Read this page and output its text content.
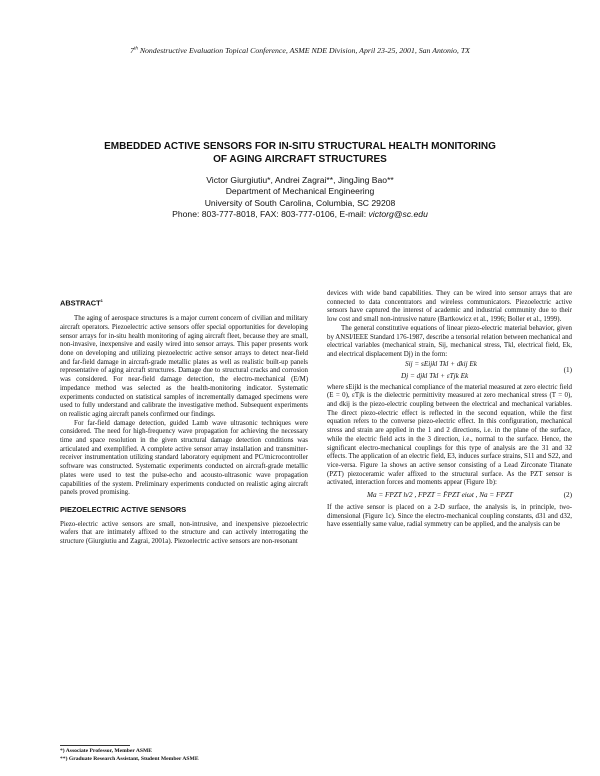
7th Nondestructive Evaluation Topical Conference, ASME NDE Division, April 23-25, 2001, San Antonio, TX
EMBEDDED ACTIVE SENSORS FOR IN-SITU STRUCTURAL HEALTH MONITORING
OF AGING AIRCRAFT STRUCTURES
Victor Giurgiutiu*, Andrei Zagrai**, JingJing Bao**
Department of Mechanical Engineering
University of South Carolina, Columbia, SC 29208
Phone: 803-777-8018, FAX: 803-777-0106, E-mail: victorg@sc.edu
ABSTRACT$^1$

The aging of aerospace structures is a major current concern of civilian and military aircraft operators. Piezoelectric active sensors offer special opportunities for developing sensor arrays for in-situ health monitoring of aging aircraft fleet, because they are small, non-invasive, inexpensive and easily wired into sensor arrays. This paper presents work done on developing and utilizing piezoelectric active sensor arrays to detect near-field and far-field damage in aircraft-grade metallic plates as well as realistic built-up panels representative of aging aircraft structures. Damage due to structural cracks and corrosion was considered. For near-field damage detection, the electro-mechanical (E/M) impedance method was selected as the health-monitoring indicator. Systematic experiments conducted on statistical samples of incrementally damaged specimens were used to fully understand and calibrate the investigative method. Subsequent experiments on realistic aging aircraft panels confirmed our findings.

For far-field damage detection, guided Lamb wave ultrasonic techniques were considered. The need for high-frequency wave propagation for achieving the necessary time and space resolution in the given structural damage detection conditions was articulated and exemplified. A complete active sensor array installation and transmitter-receiver instrumentation utilizing standard laboratory equipment and PC/microcontroller software was constructed. Systematic experiments conducted on aircraft-grade metallic plates were used to test the pulse-echo and acousto-ultrasonic wave propagation capabilities of the system. Preliminary experiments conducted on realistic aging aircraft panels proved promising.

PIEZOELECTRIC ACTIVE SENSORS

Piezo-electric active sensors are small, non-intrusive, and inexpensive piezoelectric wafers that are intimately affixed to the structure and can actively interrogating the structure (Giurgiutiu and Zagrai, 2001a). Piezoelectric active sensors are non-resonant

*) Associate Professor, Member ASME
**) Graduate Research Assistant, Student Member ASME

devices with wide band capabilities. They can be wired into sensor arrays that are connected to data concentrators and wireless communicators. Piezoelectric active sensors have captured the interest of academic and industrial community due to their low cost and small non-intrusive nature (Bartkowicz et al., 1996; Boller et al., 1999).

The general constitutive equations of linear piezo-electric material behavior, given by ANSI/IEEE Standard 176-1987, describe a tensorial relation between mechanical and electrical variables (mechanical strain, Sij, mechanical stress, Tkl, electrical field, Ek, and electrical displacement Dj) in the form:

Sij = sEijkl Tkl + dkij Ek
Dj = djkl Tkl + εTjk Ek
(1)

where sEijkl is the mechanical compliance of the material measured at zero electric field (E = 0), εTjk is the dielectric permittivity measured at zero mechanical stress (T = 0), and dkij is the piezo-electric coupling between the electrical and mechanical variables. The direct piezo-electric effect is reflected in the second equation, while the first equation refers to the converse piezo-electric effect. In this configuration, mechanical stress and strain are applied in the 1 and 2 directions, i.e. in the plane of the surface, while the electric field acts in the 3 direction, i.e., normal to the surface. Hence, the significant electro-mechanical couplings for this type of analysis are the 31 and 32 effects. The application of an electric field, E3, induces surface strains, S11 and S22, and vice-versa. Figure 1a shows an active sensor consisting of a Lead Zirconate Titanate (PZT) piezoceramic wafer affixed to the structural surface. As the PZT sensor is activated, interaction forces and moments appear (Figure 1b):

Ma = FPZT h/2 , FPZT = F̂PZT eiωt , Na = FPZT	(2)

If the active sensor is placed on a 2-D surface, the analysis is, in principle, two-dimensional (Figure 1c). Since the electro-mechanical coupling constants, d31 and d32, have essentially same value, radial symmetry can be applied, and the analysis can be
